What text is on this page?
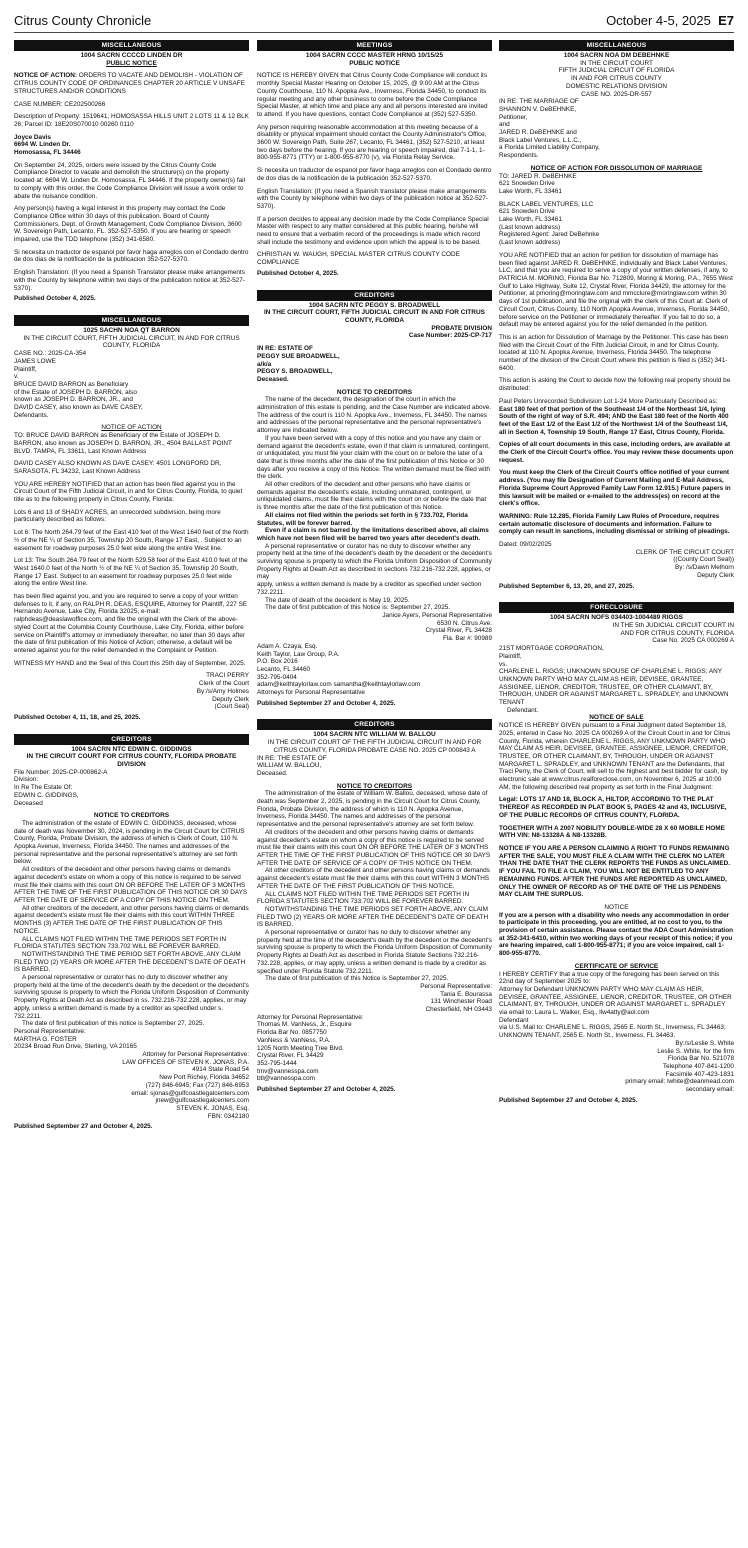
Citrus County Chronicle	October 4-5, 2025 E7
MISCELLANEOUS
1004 SACRN CCCCD LINDEN DR
PUBLIC NOTICE

NOTICE OF ACTION: ORDERS TO VACATE AND DEMOLISH - VIOLATION OF CITRUS COUNTY CODE OF ORDINANCES CHAPTER 20 ARTICLE V UNSAFE STRUCTURES AND/OR CONDITIONS

CASE NUMBER: CE202500266

Description of Property: 1519641; HOMOSASSA HILLS UNIT 2 LOTS 11 & 12 BLK 26; Parcel ID: 18E20S070010 00260 0110

Joyce Davis
6694 W. Linden Dr.

Homosassa, FL 34446

On September 24, 2025, orders were issued by the Citrus County Code Compliance Director to vacate and demolish the structure(s) on the property located at: 6694 W. Linden Dr. Homosassa, FL 34446. If the property owner(s) fail to comply with this order, the Code Compliance Division will issue a work order to abate the nuisance condition.

Any person(s) having a legal interest in this property may contact the Code Compliance Office within 30 days of this publication. Board of County Commissioners, Dept. of Growth Management, Code Compliance Division, 3600 W. Sovereign Path, Lecanto, FL. 352-527-5350. If you are hearing or speech impaired, use the TDD telephone (352) 341-6580.

Si necesita un traductor de espanol por favor haga arreglos con el Condado dentro de dos dias de la notificación de la publicacion 352-527-5370.

English Translation: (If you need a Spanish Translator please make arrangements with the County by telephone within two days of the publication notice at 352-527-5370).
Published October 4, 2025.
MISCELLANEOUS
1025 SACHN NOA QT BARRON
IN THE CIRCUIT COURT, FIFTH JUDICIAL CIRCUIT, IN AND FOR CITRUS COUNTY, FLORIDA
CASE NO.: 2025-CA-354
JAMES LOWE
Plaintiff,
v.
BRUCE DAVID BARRON as Beneficiary
of the Estate of JOSEPH D. BARRON, also
known as JOSEPH D. BARRON, JR., and
DAVID CASEY, also known as DAVE CASEY,
Defendants.
NOTICE OF ACTION

TO: BRUCE DAVID BARRON as Beneficiary of the Estate of JOSEPH D. BARRON, also known as JOSEPH D. BARRON, JR., 4504 BALLAST POINT BLVD. TAMPA, FL 33611, Last Known Address

DAVID CASEY ALSO KNOWN AS DAVE CASEY: 4501 LONGFORD DR, SARASOTA, FL 34232, Last Known Address

YOU ARE HEREBY NOTIFIED that an action has been filed against you in the Circuit Court of the Fifth Judicial Circuit, in and for Citrus County, Florida, to quiet title as to the following property in Citrus County, Florida:

Lots 6 and 13 of SHADY ACRES, an unrecorded subdivision, being more particularly described as follows:

Lot 6: The North 264.79 feet of the East 410 feet of the West 1640 feet of the North ½ of the NE ¼ of Section 35, Township 20 South, Range 17 East, . Subject to an easement for roadway purposes 25.0 feet wide along the entire West line.

Lot 13: The South 264.79 feet of the North 529.58 feet of the East 410.0 feet of the West 1640.0 feet of the North ½ of the NE ¼ of Section 35, Township 20 South, Range 17 East. Subject to an easement for roadway purposes 25.0 feet wide along the entire West line.

has been filed against you, and you are required to serve a copy of your written defenses to it, if any, on RALPH R. DEAS, ESQUIRE, Attorney for Plaintiff, 227 SE Hernando Avenue, Lake City, Florida 32025, e-mail: ralphdeas@deaslawoffice.com, and file the original with the Clerk of the above-styled Court at the Columbia County Courthouse, Lake City, Florida, either before service on Plaintiff's attorney or immediately thereafter, no later than 30 days after the date of first publication of this Notice of Action; otherwise, a default will be entered against you for the relief demanded in the Complaint or Petition.

WITNESS MY HAND and the Seal of this Court this 25th day of September, 2025.

TRACI PERRY
Clerk of the Court
By:/s/Amy Holmes
Deputy Clerk
(Court Seal)
Published October 4, 11, 18, and 25, 2025.
CREDITORS
1004 SACRN NTC EDWIN C. GIDDINGS
IN THE CIRCUIT COURT FOR CITRUS COUNTY, FLORIDA PROBATE DIVISION
File Number: 2025-CP-000862-A
Division:
In Re The Estate Of:
EDWIN C. GIDDINGS,
Deceased
NOTICE TO CREDITORS
The administration of the estate of EDWIN C. GIDDINGS, deceased, whose date of death was November 30, 2024, is pending in the Circuit Court for CITRUS County, Florida, Probate Division, the address of which is Clerk of Court, 110 N. Apopka Avenue, Inverness, Florida 34450. The names and addresses of the personal representative and the personal representative's attorney are set forth below.
All creditors of the decedent and other persons having claims or demands against decedent's estate on whom a copy of this notice is required to be served must file their claims with this court ON OR BEFORE THE LATER OF 3 MONTHS AFTER THE TIME OF THE FIRST PUBLICATION OF THIS NOTICE OR 30 DAYS AFTER THE DATE OF SERVICE OF A COPY OF THIS NOTICE ON THEM.
All other creditors of the decedent, and other persons having claims or demands against decedent's estate must file their claims with this court WITHIN THREE MONTHS (3) AFTER THE DATE OF THE FIRST PUBLICATION OF THIS NOTICE.
ALL CLAIMS NOT FILED WITHIN THE TIME PERIODS SET FORTH IN FLORIDA STATUTES SECTION 733.702 WILL BE FOREVER BARRED.
NOTWITHSTANDING THE TIME PERIOD SET FORTH ABOVE, ANY CLAIM FILED TWO (2) YEARS OR MORE AFTER THE DECEDENT'S DATE OF DEATH IS BARRED.
A personal representative or curator has no duty to discover whether any property held at the time of the decedent's death by the decedent or the decedent's surviving spouse is property to which the Florida Uniform Disposition of Community Property Rights at Death Act as described in ss. 732.216-732.228, applies, or may apply, unless a written demand is made by a creditor as specified under s. 732.2211.
The date of first publication of this notice is September 27, 2025.
Personal Representative:
MARTHA G. FOSTER
20234 Broad Run Drive, Sterling, VA 20165
Attorney for Personal Representative:
LAW OFFICES OF STEVEN K. JONAS, P.A.
4914 State Road 54
New Port Richey, Florida 34652
(727) 846-6945; Fax (727) 846-6953
email: sjonas@gulfcoastlegalcenters.com
jnew@gulfcoastlegalcenters.com
STEVEN K. JONAS, Esq.
FBN: 0342180
Published September 27 and October 4, 2025.
MEETINGS
1004 SACRN CCCC MASTER HRNG 10/15/25
PUBLIC NOTICE

NOTICE IS HEREBY GIVEN that Citrus County Code Compliance will conduct its monthly Special Master Hearing on October 15, 2025, @ 9:00 AM at the Citrus County Courthouse, 110 N. Apopka Ave., Inverness, Florida 34450, to conduct its regular meeting and any other business to come before the Code Compliance Special Master, at which time and place any and all persons interested are invited to attend. If you have questions, contact Code Compliance at (352) 527-5350.

Any person requiring reasonable accommodation at this meeting because of a disability or physical impairment should contact the County Administrator's Office, 3600 W. Sovereign Path, Suite 267, Lecanto, FL 34461, (352) 527-5210, at least two days before the hearing. If you are hearing or speech impaired, dial 7-1-1, 1-800-955-8771 (TTY) or 1-800-955-8770 (v), via Florida Relay Service.

Si necesita un traductor de espanol por favor haga arreglos con el Condado dentro de dos dias de la notificación de la publicación 352-527-5370.

English Translation: (If you need a Spanish translator please make arrangements with the County by telephone within two days of the publication notice at 352-527-5370).

If a person decides to appeal any decision made by the Code Compliance Special Master with respect to any matter considered at this public hearing, he/she will need to ensure that a verbatim record of the proceedings is made which record shall include the testimony and evidence upon which the appeal is to be based.

CHRISTIAN W. WAUGH, SPECIAL MASTER CITRUS COUNTY CODE COMPLIANCE
Published October 4, 2025.
CREDITORS
1004 SACRN NTC PEGGY S. BROADWELL
IN THE CIRCUIT COURT, FIFTH JUDICIAL CIRCUIT IN AND FOR CITRUS COUNTY, FLORIDA
PROBATE DIVISION
Case Number: 2025-CP-717
IN RE: ESTATE OF
PEGGY SUE BROADWELL,
a/k/a
PEGGY S. BROADWELL,
Deceased.
NOTICE TO CREDITORS
The name of the decedent, the designation of the court in which the administration of this estate is pending, and the Case Number are indicated above. The address of the court is 110 N. Apopka Ave., Inverness, FL 34450. The names and addresses of the personal representative and the personal representative's attorney are indicated below.
If you have been served with a copy of this notice and you have any claim or demand against the decedent's estate, even if that claim is unmatured, contingent, or unliquidated, you must file your claim with the court on or before the later of a date that is three months after the date of the first publication of this Notice or 30 days after you receive a copy of this Notice. The written demand must be filed with the clerk.
All other creditors of the decedent and other persons who have claims or demands against the decedent's estate, including unmatured, contingent, or unliquidated claims, must file their claims with the court on or before the date that is three months after the date of the first publication of this Notice.
All claims not filed within the periods set forth in § 733.702, Florida Statutes, will be forever barred.
Even if a claim is not barred by the limitations described above, all claims which have not been filed will be barred two years after decedent's death.

A personal representative or curator has no duty to discover whether any property held at the time of the decedent's death by the decedent or the decedent's surviving spouse is property to which the Florida Uniform Disposition of Community Property Rights at Death Act as described in sections 732.216-732.228, applies, or may

apply, unless a written demand is made by a creditor as specified under section 732.2211.
The date of death of the decedent is May 19, 2025.
The date of first publication of this Notice is: September 27, 2025.
Janice Ayers, Personal Representative
6530 N. Citrus Ave.
Crystal River, FL 34428
Fla. Bar #: 90989
Adam A. Czaya, Esq.
Keith Taylor, Law Group, P.A.
P.O. Box 2016
Lecanto, FL 34460
352-795-0404
adam@keithtaylorlaw.com samantha@keithtaylorlaw.com
Attorneys for Personal Representative
Published September 27 and October 4, 2025.
CREDITORS
1004 SACRN NTC WILLIAM W. BALLOU
IN THE CIRCUIT COURT OF THE FIFTH JUDICIAL CIRCUIT IN AND FOR CITRUS COUNTY, FLORIDA PROBATE CASE NO. 2025 CP 000843 A
IN RE: THE ESTATE OF
WILLIAM W. BALLOU,
Deceased.
NOTICE TO CREDITORS
The administration of the estate of William W. Ballou, deceased, whose date of death was September 2, 2025, is pending in the Circuit Court for Citrus County, Florida, Probate Division, the address of which is 110 N. Apopka Avenue, Inverness, Florida 34450. The names and addresses of the personal representative and the personal representative's attorney are set forth below.
All creditors of the decedent and other persons having claims or demands against decedent's estate on whom a copy of this notice is required to be served must file their claims with this court ON OR BEFORE THE LATER OF 3 MONTHS AFTER THE TIME OF THE FIRST PUBLICATION OF THIS NOTICE OR 30 DAYS AFTER THE DATE OF SERVICE OF A COPY OF THIS NOTICE ON THEM.
All other creditors of the decedent and other persons having claims or demands against decedent's estate must file their claims with this court WITHIN 3 MONTHS AFTER THE DATE OF THE FIRST PUBLICATION OF THIS NOTICE.
ALL CLAIMS NOT FILED WITHIN THE TIME PERIODS SET FORTH IN FLORIDA STATUTES SECTION 733.702 WILL BE FOREVER BARRED.
NOTWITHSTANDING THE TIME PERIODS SET FORTH ABOVE, ANY CLAIM FILED TWO (2) YEARS OR MORE AFTER THE DECEDENT'S DATE OF DEATH IS BARRED.
A personal representative or curator has no duty to discover whether any property held at the time of the decedent's death by the decedent or the decedent's surviving spouse is property to which the Florida Uniform Disposition of Community Property Rights at Death Act as described in Florida Statute Sections 732.216-732.228, applies, or may apply, unless a written demand is made by a creditor as specified under Florida Statute 732.2211.
The date of first publication of this Notice is September 27, 2025.
Personal Representative:
Tania E. Bourassa
131 Winchester Road
Chesterfield, NH 03443
Attorney for Personal Representative:
Thomas M. VanNess, Jr., Esquire
Florida Bar No. 0857750
VanNess & VanNess, P.A.
1205 North Meeting Tree Blvd.
Crystal River, FL 34429
352-795-1444
tmv@vannesspa.com
btl@vannesspa.com
Published September 27 and October 4, 2025.
MISCELLANEOUS
1004 SACRN NOA DM DEBEHNKE
IN THE CIRCUIT COURT
FIFTH JUDICIAL CIRCUIT OF FLORIDA
IN AND FOR CITRUS COUNTY
DOMESTIC RELATIONS DIVISION
CASE NO. 2025-DR-557
IN RE: THE MARRIAGE OF
SHANNON V. DeBEHNKE,
Petitioner,
and
JARED R. DeBEHNKE and
Black Label Ventures, L.L.C.,
a Florida Limited Liability Company,
Respondents.
NOTICE OF ACTION FOR DISSOLUTION OF MARRIAGE

TO: JARED R. DeBEHNKE
621 Snowden Drive
Lake Worth, FL 33461

BLACK LABEL VENTURES, LLC
621 Snowden Drive
Lake Worth, FL 33461
(Last known address)
Registered Agent: Jared DeBehnke
(Last known address)

YOU ARE NOTIFIED that an action for petition for dissolution of marriage has been filed against JARED R. DeBEHNKE, individually and Black Label Ventures, LLC, and that you are required to serve a copy of your written defenses, if any, to PATRICIA M. MORING, Florida Bar No. 712809, Moring & Moring, P.A., 7655 West Gulf to Lake Highway, Suite 12, Crystal River, Florida 34429, the attorney for the Petitioner, at pmoring@moringlaw.com and mmcclure@moringlaw.com within 30 days of 1st publication, and file the original with the clerk of this Court at: Clerk of Circuit Court, Citrus County, 110 North Apopka Avenue, Inverness, Florida 34450, before service on the Petitioner or immediately thereafter. If you fail to do so, a default may be entered against you for the relief demanded in the petition.

This is an action for Dissolution of Marriage by the Petitioner. This case has been filed with the Circuit Court of the Fifth Judicial Circuit, in and for Citrus County, located at 110 N. Apopka Avenue, Inverness, Florida 34450. The telephone number of the division of the Circuit Court where this petition is filed is (352) 341-6400.

This action is asking the Court to decide how the following real property should be distributed:

Paul Peters Unrecorded Subdivision Lot 1-24 More Particularly Described as:

East 180 feet of that portion of the Southeast 1/4 of the Northeast 1/4, lying South of the right of way of S.R. 494; AND the East 180 feet of the North 400 feet of the East 1/2 of the East 1/2 of the Northwest 1/4 of the Southeast 1/4, all in Section 4, Township 19 South, Range 17 East, Citrus County, Florida.

Copies of all court documents in this case, including orders, are available at the Clerk of the Circuit Court's office. You may review these documents upon request.

You must keep the Clerk of the Circuit Court's office notified of your current address. (You may file Designation of Current Mailing and E-Mail Address, Florida Supreme Court Approved Family Law Form 12.915.) Future papers in this lawsuit will be mailed or e-mailed to the address(es) on record at the clerk's office.

WARNING: Rule 12.285, Florida Family Law Rules of Procedure, requires certain automatic disclosure of documents and information. Failure to comply can result in sanctions, including dismissal or striking of pleadings.

Dated: 09/02/2025
CLERK OF THE CIRCUIT COURT
((County Court Seal))
By: /s/Dawn Melhorn
Deputy Clerk
Published September 6, 13, 20, and 27, 2025.
FORECLOSURE
1004 SACRN NOFS 034403-1004489 RIGGS
IN THE 5th JUDICIAL CIRCUIT COURT IN
AND FOR CITRUS COUNTY, FLORIDA
Case No. 2025 CA 000269 A
21ST MORTGAGE CORPORATION,
Plaintiff,
vs.
CHARLENE L. RIGGS; UNKNOWN SPOUSE OF CHARLENE L. RIGGS; ANY UNKNOWN PARTY WHO MAY CLAIM AS HEIR, DEVISEE, GRANTEE, ASSIGNEE, LIENOR, CREDITOR, TRUSTEE, OR OTHER CLAIMANT, BY, THROUGH, UNDER OR AGAINST MARGARET L. SPRADLEY; and UNKNOWN TENANT
Defendant.
NOTICE OF SALE

NOTICE IS HEREBY GIVEN pursuant to a Final Judgment dated September 18, 2025, entered in Case No. 2025 CA 000269 A of the Circuit Court in and for Citrus County, Florida, wherein CHARLENE L. RIGGS, ANY UNKNOWN PARTY WHO MAY CLAIM AS HEIR, DEVISEE, GRANTEE, ASSIGNEE, LIENOR, CREDITOR, TRUSTEE, OR OTHER CLAIMANT, BY, THROUGH, UNDER OR AGAINST MARGARET L. SPRADLEY, and UNKNOWN TENANT are the Defendants, that Traci Perry, the Clerk of Court, will sell to the highest and best bidder for cash, by electronic sale at www.citrus.realforeclose.com, on November 6, 2025 at 10:00 AM, the following described real property as set forth in the Final Judgment:

Legal: LOTS 17 AND 18, BLOCK A, HILTOP, ACCORDING TO THE PLAT THEREOF AS RECORDED IN PLAT BOOK 5, PAGES 42 and 43, INCLUSIVE, OF THE PUBLIC RECORDS OF CITRUS COUNTY, FLORIDA.

TOGETHER WITH A 2007 NOBILITY DOUBLE-WIDE 28 X 60 MOBILE HOME WITH VIN: N8-13328A & N8-13328B.

NOTICE IF YOU ARE A PERSON CLAIMING A RIGHT TO FUNDS REMAINING AFTER THE SALE, YOU MUST FILE A CLAIM WITH THE CLERK NO LATER THAN THE DATE THAT THE CLERK REPORTS THE FUNDS AS UNCLAIMED. IF YOU FAIL TO FILE A CLAIM, YOU WILL NOT BE ENTITLED TO ANY REMAINING FUNDS. AFTER THE FUNDS ARE REPORTED AS UNCLAIMED, ONLY THE OWNER OF RECORD AS OF THE DATE OF THE LIS PENDENS MAY CLAIM THE SURPLUS.

NOTICE

If you are a person with a disability who needs any accommodation in order to participate in this proceeding, you are entitled, at no cost to you, to the provision of certain assistance. Please contact the ADA Court Administration at 352-341-6410, within two working days of your receipt of this notice; if you are hearing impaired, call 1-800-955-8771; if you are voice impaired, call 1-800-955-8770.

CERTIFICATE OF SERVICE
I HEREBY CERTIFY that a true copy of the foregoing has been served on this 22nd day of September 2025 to:
Attorney for Defendant UNKNOWN PARTY WHO MAY CLAIM AS HEIR, DEVISEE, GRANTEE, ASSIGNEE, LIENOR, CREDITOR, TRUSTEE, OR OTHER CLAIMANT, BY, THROUGH, UNDER OR AGAINST MARGARET L. SPRADLEY
via email to: Laura L. Walker, Esq., llw4atty@aol.com
Defendant
via U.S. Mail to: CHARLENE L. RIGGS, 2565 E. North St., Inverness, FL 34463; UNKNOWN TENANT, 2565 E. North St., Inverness, FL 34463.
By:/s/Leslie S. White
Leslie S. White, for the firm
Florida Bar No. 521078
Telephone 407-841-1200
Facsimile 407-423-1831
primary email: lwhite@deanmead.com
secondary email:
Published September 27 and October 4, 2025.
